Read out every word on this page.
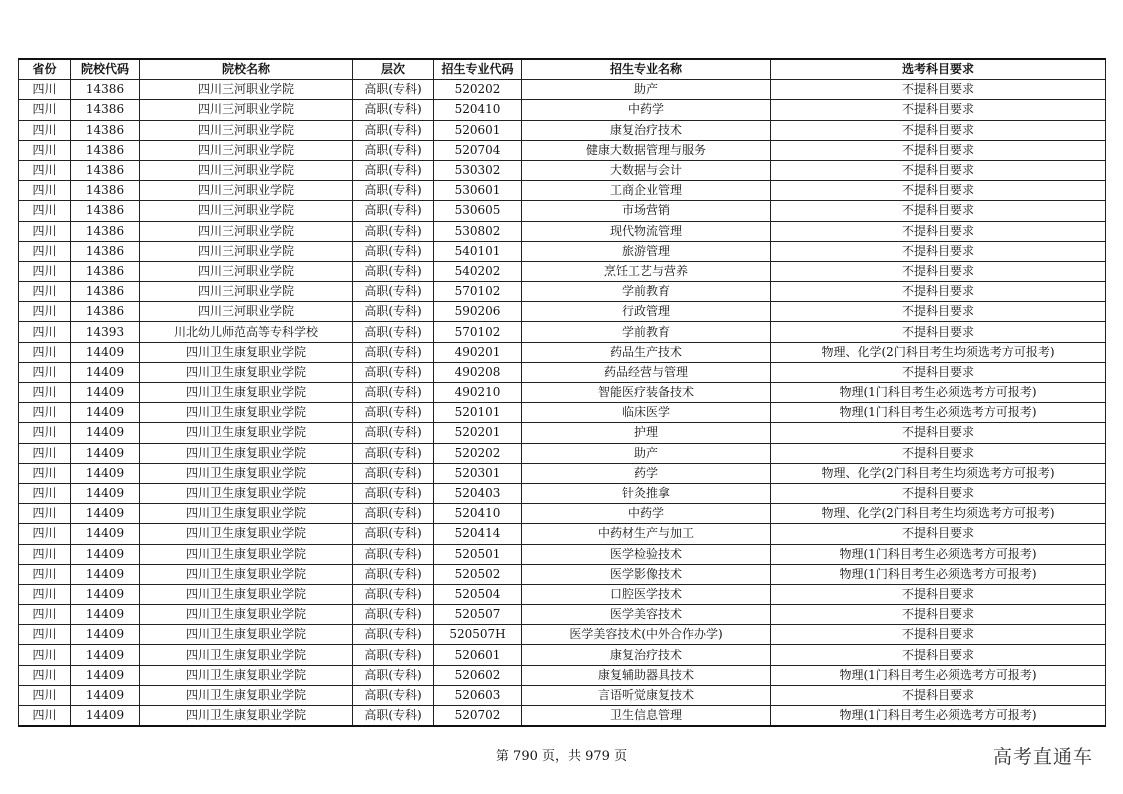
省份	院校代码	院校名称	层次	招生专业代码	招生专业名称	选考科目要求
四川	14386	四川三河职业学院	高职(专科)	520202	助产	不提科目要求
四川	14386	四川三河职业学院	高职(专科)	520410	中药学	不提科目要求
四川	14386	四川三河职业学院	高职(专科)	520601	康复治疗技术	不提科目要求
四川	14386	四川三河职业学院	高职(专科)	520704	健康大数据管理与服务	不提科目要求
四川	14386	四川三河职业学院	高职(专科)	530302	大数据与会计	不提科目要求
四川	14386	四川三河职业学院	高职(专科)	530601	工商企业管理	不提科目要求
四川	14386	四川三河职业学院	高职(专科)	530605	市场营销	不提科目要求
四川	14386	四川三河职业学院	高职(专科)	530802	现代物流管理	不提科目要求
四川	14386	四川三河职业学院	高职(专科)	540101	旅游管理	不提科目要求
四川	14386	四川三河职业学院	高职(专科)	540202	烹饪工艺与营养	不提科目要求
四川	14386	四川三河职业学院	高职(专科)	570102	学前教育	不提科目要求
四川	14386	四川三河职业学院	高职(专科)	590206	行政管理	不提科目要求
四川	14393	川北幼儿师范高等专科学校	高职(专科)	570102	学前教育	不提科目要求
四川	14409	四川卫生康复职业学院	高职(专科)	490201	药品生产技术	物理、化学(2门科目考生均须选考方可报考)
四川	14409	四川卫生康复职业学院	高职(专科)	490208	药品经营与管理	不提科目要求
四川	14409	四川卫生康复职业学院	高职(专科)	490210	智能医疗装备技术	物理(1门科目考生必须选考方可报考)
四川	14409	四川卫生康复职业学院	高职(专科)	520101	临床医学	物理(1门科目考生必须选考方可报考)
四川	14409	四川卫生康复职业学院	高职(专科)	520201	护理	不提科目要求
四川	14409	四川卫生康复职业学院	高职(专科)	520202	助产	不提科目要求
四川	14409	四川卫生康复职业学院	高职(专科)	520301	药学	物理、化学(2门科目考生均须选考方可报考)
四川	14409	四川卫生康复职业学院	高职(专科)	520403	针灸推拿	不提科目要求
四川	14409	四川卫生康复职业学院	高职(专科)	520410	中药学	物理、化学(2门科目考生均须选考方可报考)
四川	14409	四川卫生康复职业学院	高职(专科)	520414	中药材生产与加工	不提科目要求
四川	14409	四川卫生康复职业学院	高职(专科)	520501	医学检验技术	物理(1门科目考生必须选考方可报考)
四川	14409	四川卫生康复职业学院	高职(专科)	520502	医学影像技术	物理(1门科目考生必须选考方可报考)
四川	14409	四川卫生康复职业学院	高职(专科)	520504	口腔医学技术	不提科目要求
四川	14409	四川卫生康复职业学院	高职(专科)	520507	医学美容技术	不提科目要求
四川	14409	四川卫生康复职业学院	高职(专科)	520507H	医学美容技术(中外合作办学)	不提科目要求
四川	14409	四川卫生康复职业学院	高职(专科)	520601	康复治疗技术	不提科目要求
四川	14409	四川卫生康复职业学院	高职(专科)	520602	康复辅助器具技术	物理(1门科目考生必须选考方可报考)
四川	14409	四川卫生康复职业学院	高职(专科)	520603	言语听觉康复技术	不提科目要求
四川	14409	四川卫生康复职业学院	高职(专科)	520702	卫生信息管理	物理(1门科目考生必须选考方可报考)
第 790 页，共 979 页	高考直通车
